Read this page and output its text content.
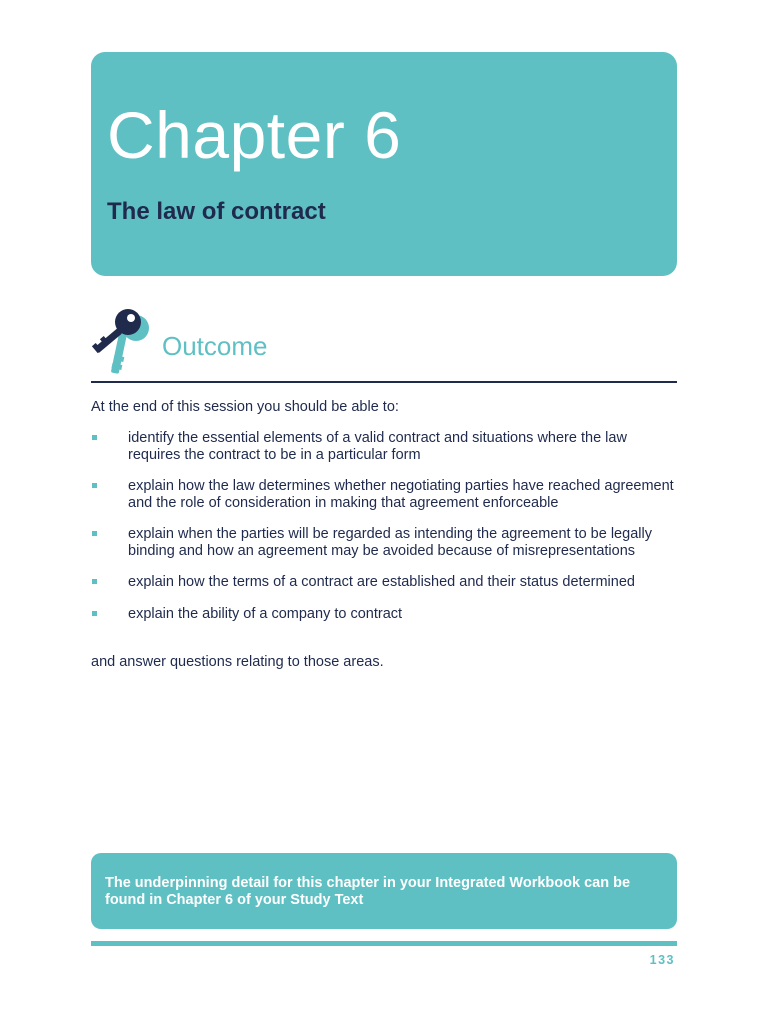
Chapter 6
The law of contract
Outcome

At the end of this session you should be able to:

identify the essential elements of a valid contract and situations where the law requires the contract to be in a particular form
explain how the law determines whether negotiating parties have reached agreement and the role of consideration in making that agreement enforceable
explain when the parties will be regarded as intending the agreement to be legally binding and how an agreement may be avoided because of misrepresentations
explain how the terms of a contract are established and their status determined
explain the ability of a company to contract

and answer questions relating to those areas.

The underpinning detail for this chapter in your Integrated Workbook can be found in Chapter 6 of your Study Text

133
